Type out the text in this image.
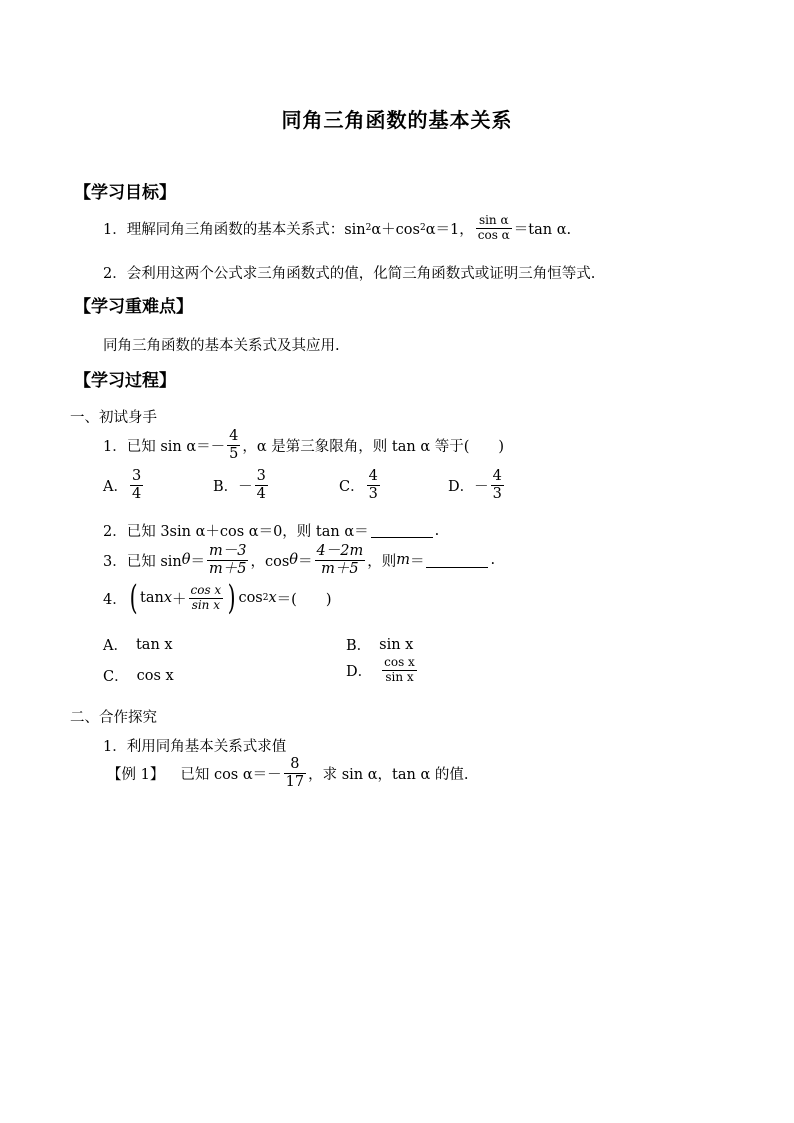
同角三角函数的基本关系
【学习目标】
1．理解同角三角函数的基本关系式：sin 2 α＋cos 2 α＝1， $\frac{\text{sin α}}{\text{cos α}} =\tan$ α.
2．会利用这两个公式求三角函数式的值，化简三角函数式或证明三角恒等式.
【学习重难点】
同角三角函数的基本关系式及其应用.
【学习过程】
一、初试身手
1．已知 $\sin \alpha=- \frac{4}{5}$ ，α 是第三象限角，则 tan α 等于(　　)
A． $\frac{3}{4}$	B． － $\frac{3}{4}$	C． $\frac{4}{3}$	D． － $\frac{4}{3}$
2．已知 3sin α＋cos α＝0，则 tan α＝	.
3．已知 $\sin \theta = \frac{m-3}{m+5}$ ，$\cos \theta = \frac{4-2m}{m+5}$ ，则 m ＝	.
4． ( $\tan x + \frac{\text{cos x}}{\text{sin x}}$ ) cos 2 x ＝(　　)
A． tan x	B． sin x
C． cos x	D． $\frac{\text{cos x}}{\text{sin x}}$
二、合作探究
1．利用同角基本关系式求值
【例 1】 已知 $\cos \alpha=- \frac{8}{17}$ ，求 sin α，tan α 的值.
